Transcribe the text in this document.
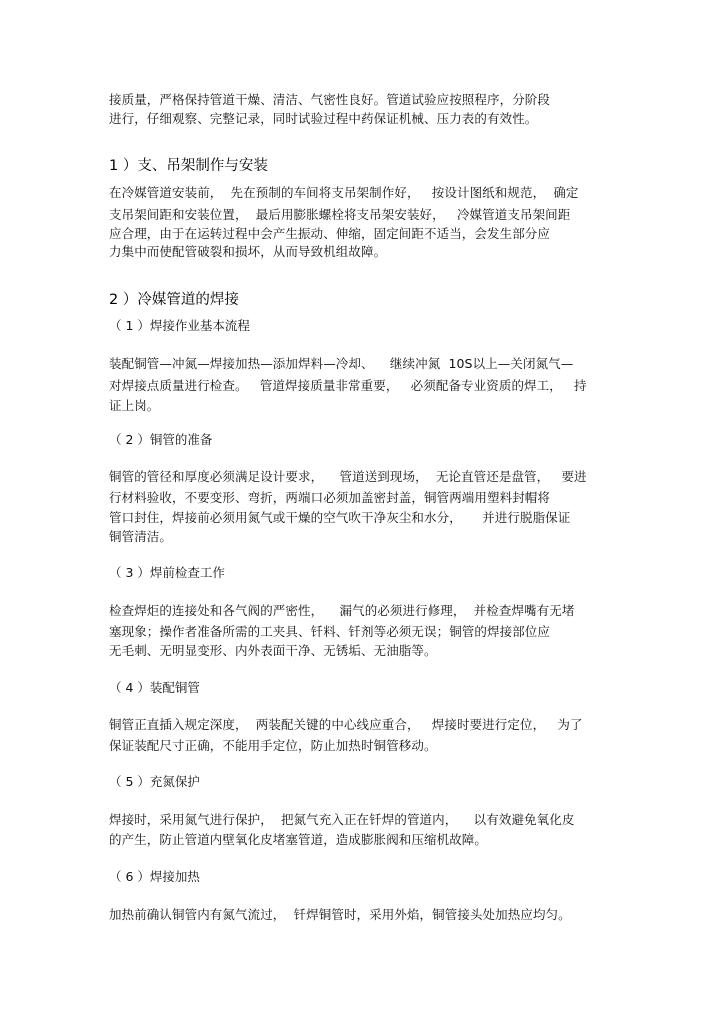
接质量，严格保持管道干燥、清洁、气密性良好。管道试验应按照程序，分阶段
进行，仔细观察、完整记录，同时试验过程中药保证机械、压力表的有效性。
1 ）支、吊架制作与安装
在冷媒管道安装前，  先在预制的车间将支吊架制作好，   按设计图纸和规范，  确定
支吊架间距和安装位置，  最后用膨胀螺栓将支吊架安装好，   冷媒管道支吊架间距
应合理，由于在运转过程中会产生振动、伸缩，固定间距不适当，会发生部分应
力集中而使配管破裂和损坏，从而导致机组故障。
2 ）冷媒管道的焊接
（ 1 ）焊接作业基本流程
装配铜管—冲氮—焊接加热—添加焊料—冷却、    继续冲氮  10S以上—关闭氮气—
对焊接点质量进行检查。   管道焊接质量非常重要，   必须配备专业资质的焊工，   持
证上岗。
（ 2 ）铜管的准备
铜管的管径和厚度必须满足设计要求，    管道送到现场，  无论直管还是盘管，   要进
行材料验收，不要变形、弯折，两端口必须加盖密封盖，铜管两端用塑料封帽将
管口封住，焊接前必须用氮气或干燥的空气吹干净灰尘和水分，     并进行脱脂保证
铜管清洁。
（ 3 ）焊前检查工作
检查焊炬的连接处和各气阀的严密性，    漏气的必须进行修理，  并检查焊嘴有无堵
塞现象；操作者准备所需的工夹具、钎料、钎剂等必须无误；铜管的焊接部位应
无毛刺、无明显变形、内外表面干净、无锈垢、无油脂等。
（ 4 ）装配铜管
铜管正直插入规定深度，  两装配关键的中心线应重合，   焊接时要进行定位，   为了
保证装配尺寸正确，不能用手定位，防止加热时铜管移动。
（ 5 ）充氮保护
焊接时，采用氮气进行保护，  把氮气充入正在钎焊的管道内，    以有效避免氧化皮
的产生，防止管道内壁氧化皮堵塞管道，造成膨胀阀和压缩机故障。
（ 6 ）焊接加热
加热前确认铜管内有氮气流过，  钎焊铜管时，采用外焰，铜管接头处加热应均匀。
